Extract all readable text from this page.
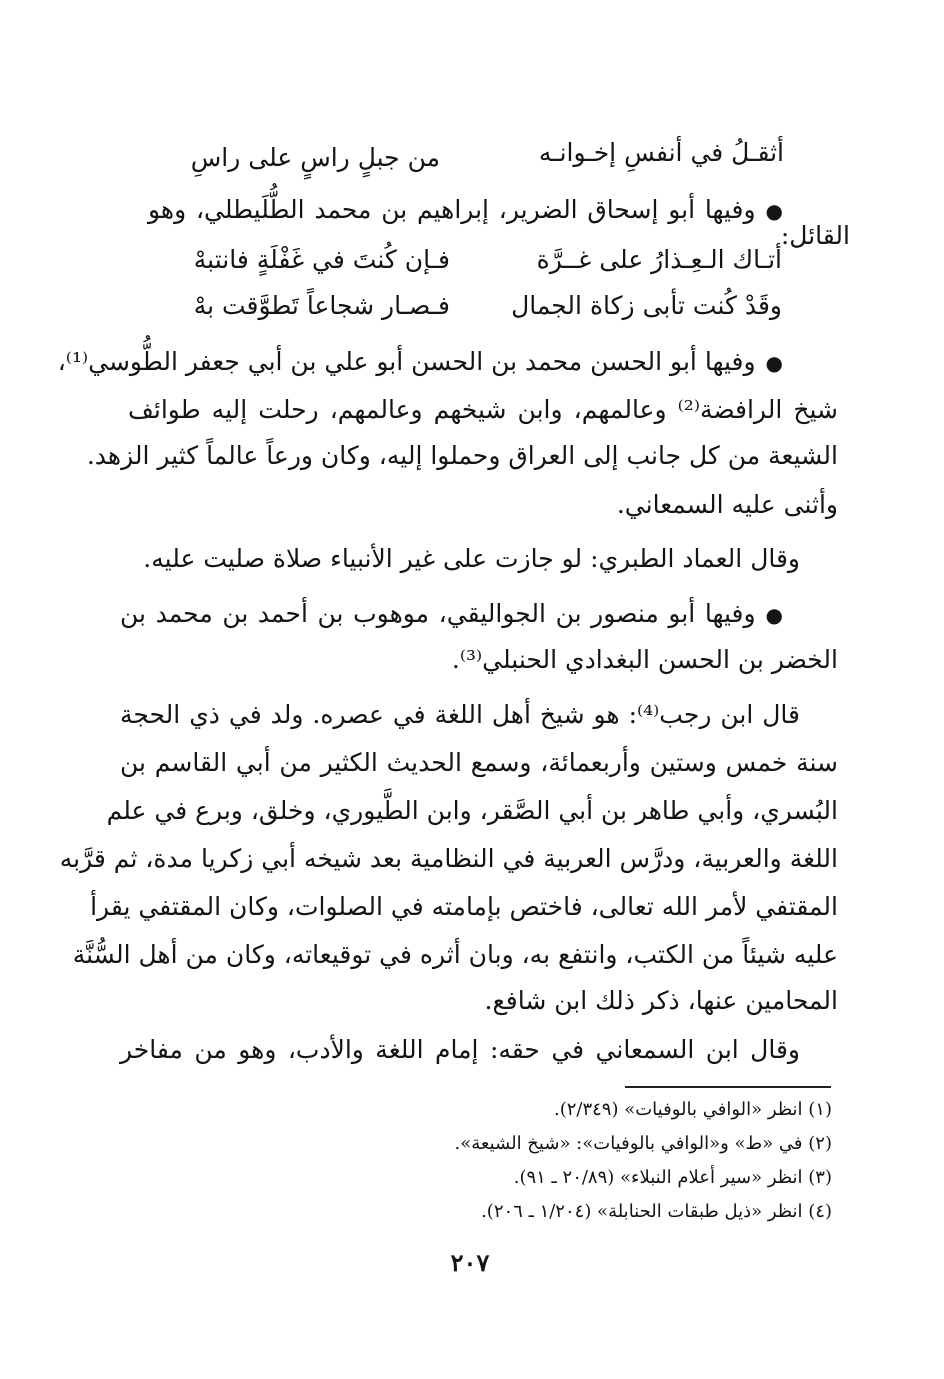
أثقـلُ في أنفسِ إخـوانـه
من جبلٍ راسٍ على راسِ
●وفيها أبو إسحاق الضرير، إبراهيم بن محمد الطُّلَيطلي، وهو
القائل:
أتـاك الـعِـذارُ على غــرَّة
فـإن كُنتَ في غَفْلَةٍ فانتبهْ
وقَدْ كُنت تأبى زكاة الجمال
فـصـار شجاعاً تَطوَّقت بهْ
●وفيها أبو الحسن محمد بن الحسن أبو علي بن أبي جعفر الطُّوسي⁽¹⁾،
شيخ الرافضة⁽²⁾ وعالمهم، وابن شيخهم وعالمهم، رحلت إليه طوائف
الشيعة من كل جانب إلى العراق وحملوا إليه، وكان ورعاً عالماً كثير الزهد.
وأثنى عليه السمعاني.
وقال العماد الطبري: لو جازت على غير الأنبياء صلاة صليت عليه.
●وفيها أبو منصور بن الجواليقي، موهوب بن أحمد بن محمد بن
الخضر بن الحسن البغدادي الحنبلي⁽³⁾.
قال ابن رجب⁽⁴⁾: هو شيخ أهل اللغة في عصره. ولد في ذي الحجة
سنة خمس وستين وأربعمائة، وسمع الحديث الكثير من أبي القاسم بن
البُسري، وأبي طاهر بن أبي الصَّقر، وابن الطَّيوري، وخلق، وبرع في علم
اللغة والعربية، ودرَّس العربية في النظامية بعد شيخه أبي زكريا مدة، ثم قرَّبه
المقتفي لأمر الله تعالى، فاختص بإمامته في الصلوات، وكان المقتفي يقرأ
عليه شيئاً من الكتب، وانتفع به، وبان أثره في توقيعاته، وكان من أهل السُّنَّة
المحامين عنها، ذكر ذلك ابن شافع.
وقال ابن السمعاني في حقه: إمام اللغة والأدب، وهو من مفاخر
(١) انظر «الوافي بالوفيات» (٢/٣٤٩).
(٢) في «ط» و«الوافي بالوفيات»: «شيخ الشيعة».
(٣) انظر «سير أعلام النبلاء» (٢٠/٨٩ ـ ٩١).
(٤) انظر «ذيل طبقات الحنابلة» (١/٢٠٤ ـ ٢٠٦).
٢٠٧
